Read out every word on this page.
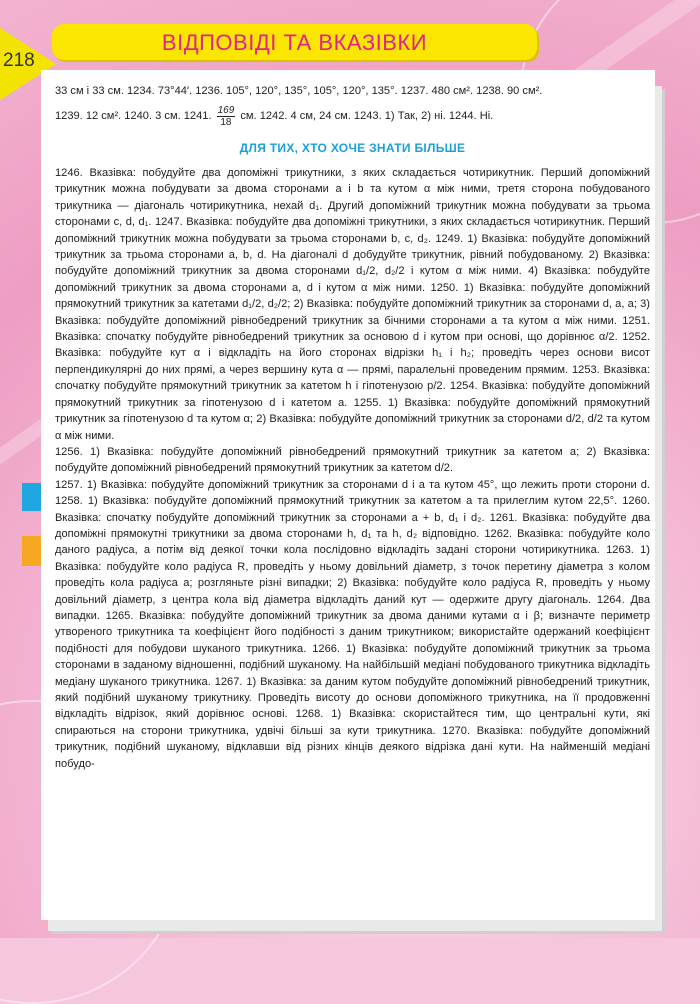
218
ВІДПОВІДІ ТА ВКАЗІВКИ

33 см і 33 см. 1234. 73°44′. 1236. 105°, 120°, 135°, 105°, 120°, 135°. 1237. 480 см². 1238. 90 см².

1239. 12 см². 1240. 3 см. 1241. $\frac{169}{18}$ см. 1242. 4 см, 24 см. 1243. 1) Так, 2) ні. 1244. Ні.

ДЛЯ ТИХ, ХТО ХОЧЕ ЗНАТИ БІЛЬШЕ

1246. Вказівка: побудуйте два допоміжні трикутники, з яких складається чотирикутник. Перший допоміжний трикутник можна побудувати за двома сторонами a і b та кутом α між ними, третя сторона побудованого трикутника — діагональ чотирикутника, нехай d₁. Другий допоміжний трикутник можна побудувати за трьома сторонами c, d, d₁. 1247. Вказівка: побудуйте два допоміжні трикутники, з яких складається чотирикутник. Перший допоміжний трикутник можна побудувати за трьома сторонами b, c, d₂. 1249. 1) Вказівка: побудуйте допоміжний трикутник за трьома сторонами a, b, d. На діагоналі d добудуйте трикутник, рівний побудованому. 2) Вказівка: побудуйте допоміжний трикутник за двома сторонами d₁/2, d₂/2 і кутом α між ними. 4) Вказівка: побудуйте допоміжний трикутник за двома сторонами a, d і кутом α між ними. 1250. 1) Вказівка: побудуйте допоміжний прямокутний трикутник за катетами d₁/2, d₂/2; 2) Вказівка: побудуйте допоміжний трикутник за сторонами d, a, a; 3) Вказівка: побудуйте допоміжний рівнобедрений трикутник за бічними сторонами a та кутом α між ними. 1251. Вказівка: спочатку побудуйте рівнобедрений трикутник за основою d і кутом при основі, що дорівнює α/2. 1252. Вказівка: побудуйте кут α і відкладіть на його сторонах відрізки h₁ і h₂; проведіть через основи висот перпендикулярні до них прямі, а через вершину кута α — прямі, паралельні проведеним прямим. 1253. Вказівка: спочатку побудуйте прямокутний трикутник за катетом h і гіпотенузою p/2. 1254. Вказівка: побудуйте допоміжний прямокутний трикутник за гіпотенузою d і катетом a. 1255. 1) Вказівка: побудуйте допоміжний прямокутний трикутник за гіпотенузою d та кутом α; 2) Вказівка: побудуйте допоміжний трикутник за сторонами d/2, d/2 та кутом α між ними.

1256. 1) Вказівка: побудуйте допоміжний рівнобедрений прямокутний трикутник за катетом a; 2) Вказівка: побудуйте допоміжний рівнобедрений прямокутний трикутник за катетом d/2.

1257. 1) Вказівка: побудуйте допоміжний трикутник за сторонами d і a та кутом 45°, що лежить проти сторони d. 1258. 1) Вказівка: побудуйте допоміжний прямокутний трикутник за катетом a та прилеглим кутом 22,5°. 1260. Вказівка: спочатку побудуйте допоміжний трикутник за сторонами a + b, d₁ і d₂. 1261. Вказівка: побудуйте два допоміжні прямокутні трикутники за двома сторонами h, d₁ та h, d₂ відповідно. 1262. Вказівка: побудуйте коло даного радіуса, а потім від деякої точки кола послідовно відкладіть задані сторони чотирикутника. 1263. 1) Вказівка: побудуйте коло радіуса R, проведіть у ньому довільний діаметр, з точок перетину діаметра з колом проведіть кола радіуса a; розгляньте різні випадки; 2) Вказівка: побудуйте коло радіуса R, проведіть у ньому довільний діаметр, з центра кола від діаметра відкладіть даний кут — одержите другу діагональ. 1264. Два випадки. 1265. Вказівка: побудуйте допоміжний трикутник за двома даними кутами α і β; визначте периметр утвореного трикутника та коефіцієнт його подібності з даним трикутником; використайте одержаний коефіцієнт подібності для побудови шуканого трикутника. 1266. 1) Вказівка: побудуйте допоміжний трикутник за трьома сторонами в заданому відношенні, подібний шуканому. На найбільшій медіані побудованого трикутника відкладіть медіану шуканого трикутника. 1267. 1) Вказівка: за даним кутом побудуйте допоміжний рівнобедрений трикутник, який подібний шуканому трикутнику. Проведіть висоту до основи допоміжного трикутника, на її продовженні відкладіть відрізок, який дорівнює основі. 1268. 1) Вказівка: скористайтеся тим, що центральні кути, які спираються на сторони трикутника, удвічі більші за кути трикутника. 1270. Вказівка: побудуйте допоміжний трикутник, подібний шуканому, відклавши від різних кінців деякого відрізка дані кути. На найменшій медіані побудо-
